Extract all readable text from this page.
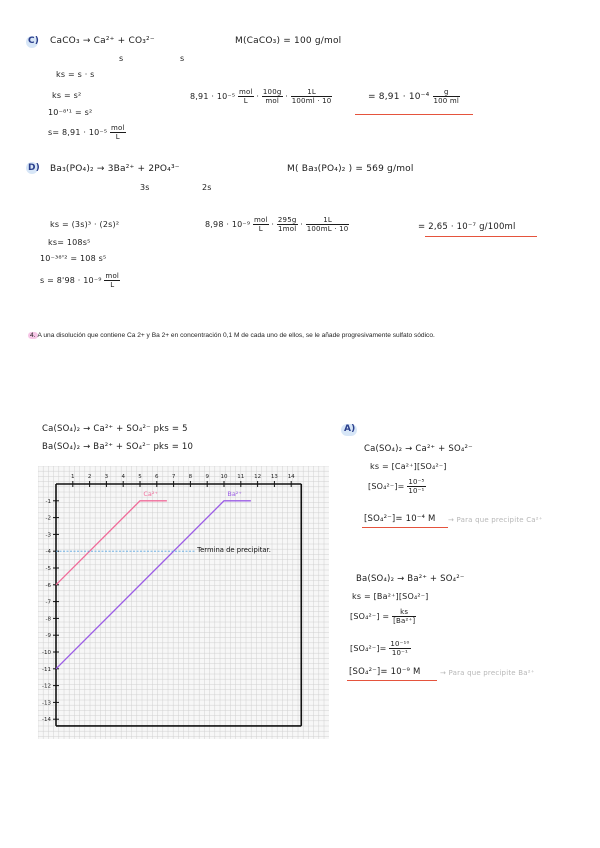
C) CaCO₃ → Ca²⁺ + CO₃²⁻
s	s
M(CaCO₃) = 100 g/mol
ks = s · s
ks = s²
10⁻⁸'¹ = s²
$s= 8,91 \cdot 10^{-5} \frac{\text{mol}}{L}$
$8,91 \cdot 10^{-5} \frac{\text{mol}}{L} \cdot \frac{100g}{\text{mol}} \cdot \frac{1L}{100ml \cdot 10}$	= $8,91 \cdot 10^{-4} \frac{g}{100 ml}$
D) Ba₃(PO₄)₂ → 3Ba²⁺ + 2PO₄³⁻
3s	2s
M( Ba₃(PO₄)₂ ) = 569 g/mol
ks = (3s)³ · (2s)²
ks= 108s⁵
10⁻³⁸'² = 108 s⁵
$s = 8'98 \cdot 10^{-9} \frac{\text{mol}}{L}$
$8,98 \cdot 10^{-9} \frac{\text{mol}}{L} \cdot \frac{295g}{\text{1mol}} \cdot \frac{1L}{100mL \cdot 10}$	= 2,65 · 10⁻⁷ g/100ml
4. A una disolución que contiene Ca 2+ y Ba 2+ en concentración 0,1 M de cada uno de ellos, se le añade progresivamente sulfato sódico.
Ca(SO₄)₂ → Ca²⁺ + SO₄²⁻ pks = 5
Ba(SO₄)₂ → Ba²⁺ + SO₄²⁻ pks = 10
1 2 3 4 5 6 7 8 9 10 11 12 13 14
-1
-2
-3
-4
-5
-6
-7
-8
-9
-10
-11
-12
-13
-14
Ca²⁺	Ba²⁺
Termina de precipitar.
A)
Ca(SO₄)₂ → Ca²⁺ + SO₄²⁻
ks = [Ca²⁺][SO₄²⁻]
$[SO_4^{2-}]= \frac{\text{10⁻⁵}}{\text{10⁻¹}}$
[SO₄²⁻]= 10⁻⁴ M → Para que precipite Ca²⁺
Ba(SO₄)₂ → Ba²⁺ + SO₄²⁻
ks = [Ba²⁺][SO₄²⁻]
$[SO_4^{2-}] = \frac{ks}{\text{[Ba²⁺]}}$
$[SO_4^{2-}]= \frac{\text{10⁻¹⁰}}{\text{10⁻¹}}$
[SO₄²⁻]= 10⁻⁹ M	→ Para que precipite Ba²⁺
